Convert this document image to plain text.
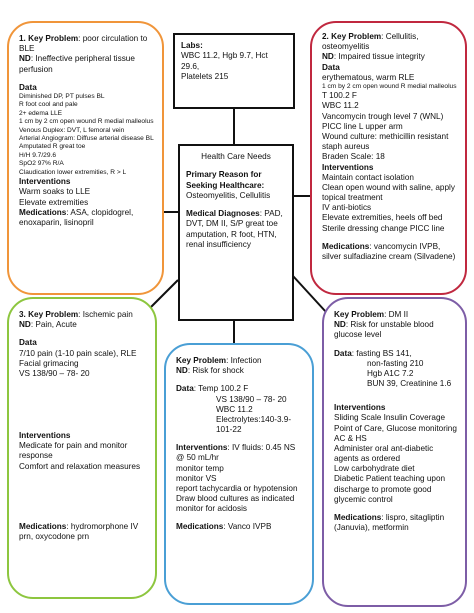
Labs:
WBC 11.2, Hgb 9.7, Hct 29.6,
Platelets 215
Health Care Needs
Primary Reason for Seeking Healthcare:
Osteomyelitis, Cellulitis
Medical Diagnoses: PAD, DVT, DM II, S/P great toe amputation, R foot, HTN, renal insufficiency
1. Key Problem: poor circulation to BLE
ND: Ineffective peripheral tissue perfusion
Data
Diminished DP, PT pulses BL
R foot cool and pale
2+ edema LLE
1 cm by 2 cm open wound R medial malleolus
Venous Duplex: DVT, L femoral vein
Arterial Angiogram: Diffuse arterial disease BL
Amputated R great toe
H/H 9.7/29.6
SpO2 97% R/A
Claudication lower extremities, R > L
Interventions
Warm soaks to LLE
Elevate extremities
Medications: ASA, clopidogrel, enoxaparin, lisinopril
2. Key Problem: Cellulitis, osteomyelitis
ND: Impaired tissue integrity
Data
erythematous, warm RLE
1 cm by 2 cm open wound R medial malleolus
T 100.2 F
WBC 11.2
Vancomycin trough level 7 (WNL)
PICC line L upper arm
Wound culture: methicillin resistant staph aureus
Braden Scale: 18
Interventions
Maintain contact isolation
Clean open wound with saline, apply topical treatment
IV anti-biotics
Elevate extremities, heels off bed
Sterile dressing change PICC line
Medications: vancomycin IVPB, silver sulfadiazine cream (Silvadene)
3. Key Problem: Ischemic pain
ND: Pain, Acute
Data
7/10 pain (1-10 pain scale), RLE
Facial grimacing
VS 138/90 – 78- 20
Interventions
Medicate for pain and monitor response
Comfort and relaxation measures
Medications: hydromorphone IV prn, oxycodone prn
Key Problem: Infection
ND: Risk for shock
Data: Temp 100.2 F
VS 138/90 – 78- 20
WBC 11.2
Electrolytes:140-3.9-101-22
Interventions: IV fluids: 0.45 NS @ 50 mL/hr
monitor temp
monitor VS
report tachycardia or hypotension
Draw blood cultures as indicated
monitor for acidosis
Medications: Vanco IVPB
Key Problem: DM II
ND: Risk for unstable blood glucose level
Data: fasting BS 141,
non-fasting 210
Hgb A1C 7.2
BUN 39, Creatinine 1.6
Interventions
Sliding Scale Insulin Coverage
Point of Care, Glucose monitoring AC & HS
Administer oral ant-diabetic agents as ordered
Low carbohydrate diet
Diabetic Patient teaching upon discharge to promote good glycemic control
Medications: lispro, sitagliptin (Januvia), metformin
